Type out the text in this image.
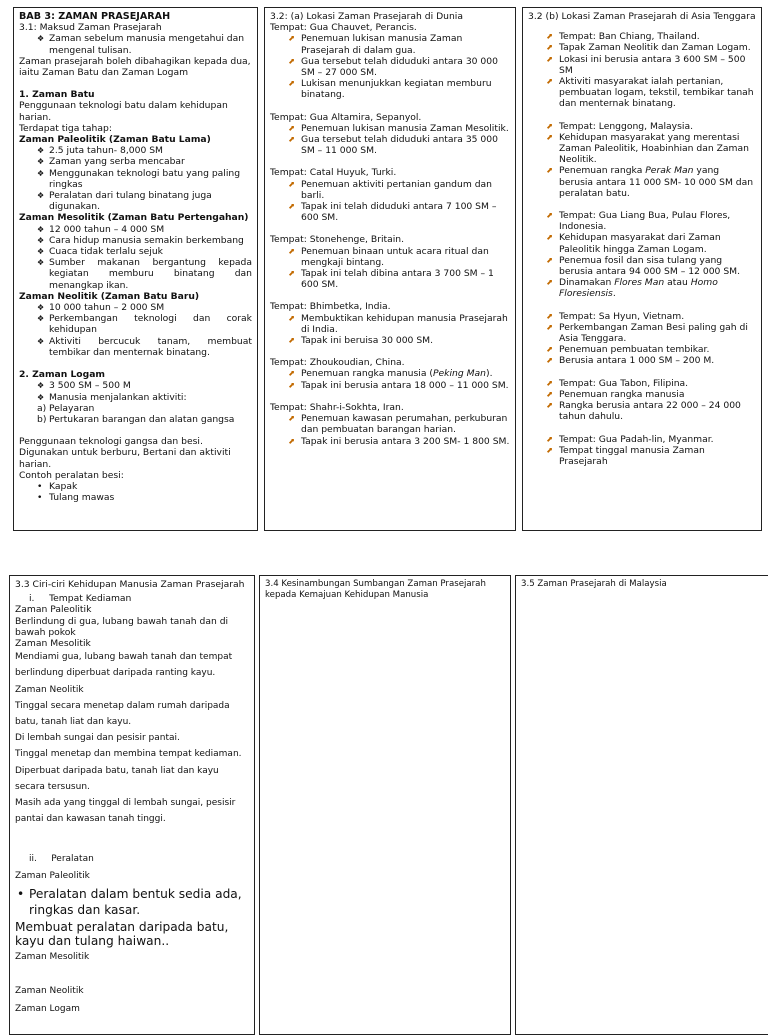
BAB 3: ZAMAN PRASEJARAH
3.1: Maksud Zaman Prasejarah
❖ Zaman sebelum manusia mengetahui dan mengenal tulisan.
Zaman prasejarah boleh dibahagikan kepada dua, iaitu Zaman Batu dan Zaman Logam
1. Zaman Batu
Penggunaan teknologi batu dalam kehidupan harian.
Terdapat tiga tahap:
Zaman Paleolitik (Zaman Batu Lama)
❖ 2.5 juta tahun- 8,000 SM
❖ Zaman yang serba mencabar
❖ Menggunakan teknologi batu yang paling ringkas
❖ Peralatan dari tulang binatang juga digunakan.
Zaman Mesolitik (Zaman Batu Pertengahan)
❖ 12 000 tahun – 4 000 SM
❖ Cara hidup manusia semakin berkembang
❖ Cuaca tidak terlalu sejuk
❖ Sumber makanan bergantung kepada kegiatan memburu binatang dan menangkap ikan.
Zaman Neolitik (Zaman Batu Baru)
❖ 10 000 tahun – 2 000 SM
❖ Perkembangan teknologi dan corak kehidupan
❖ Aktiviti bercucuk tanam, membuat tembikar dan menternak binatang.
2. Zaman Logam
❖ 3 500 SM – 500 M
❖ Manusia menjalankan aktiviti:
a) Pelayaran
b) Pertukaran barangan dan alatan gangsa
Penggunaan teknologi gangsa dan besi.
Digunakan untuk berburu, Bertani dan aktiviti harian.
Contoh peralatan besi:
• Kapak
• Tulang mawas
3.2: (a) Lokasi Zaman Prasejarah di Dunia
Tempat: Gua Chauvet, Perancis.
⬆ Penemuan lukisan manusia Zaman Prasejarah di dalam gua.
⬆ Gua tersebut telah diduduki antara 30 000 SM – 27 000 SM.
⬆ Lukisan menunjukkan kegiatan memburu binatang.
Tempat: Gua Altamira, Sepanyol.
⬆ Penemuan lukisan manusia Zaman Mesolitik.
⬆ Gua tersebut telah diduduki antara 35 000 SM – 11 000 SM.
Tempat: Catal Huyuk, Turki.
⬆ Penemuan aktiviti pertanian gandum dan barli.
⬆ Tapak ini telah diduduki antara 7 100 SM – 600 SM.
Tempat: Stonehenge, Britain.
⬆ Penemuan binaan untuk acara ritual dan mengkaji bintang.
⬆ Tapak ini telah dibina antara 3 700 SM – 1 600 SM.
Tempat: Bhimbetka, India.
⬆ Membuktikan kehidupan manusia Prasejarah di India.
⬆ Tapak ini beruisa 30 000 SM.
Tempat: Zhoukoudian, China.
⬆ Penemuan rangka manusia (Peking Man).
⬆ Tapak ini berusia antara 18 000 – 11 000 SM.
Tempat: Shahr-i-Sokhta, Iran.
⬆ Penemuan kawasan perumahan, perkuburan dan pembuatan barangan harian.
⬆ Tapak ini berusia antara 3 200 SM- 1 800 SM.
3.2 (b) Lokasi Zaman Prasejarah di Asia Tenggara
⬆ Tempat: Ban Chiang, Thailand.
⬆ Tapak Zaman Neolitik dan Zaman Logam.
⬆ Lokasi ini berusia antara 3 600 SM – 500 SM
⬆ Aktiviti masyarakat ialah pertanian, pembuatan logam, tekstil, tembikar tanah dan menternak binatang.
⬆ Tempat: Lenggong, Malaysia.
⬆ Kehidupan masyarakat yang merentasi Zaman Paleolitik, Hoabinhian dan Zaman Neolitik.
⬆ Penemuan rangka Perak Man yang berusia antara 11 000 SM- 10 000 SM dan peralatan batu.
⬆ Tempat: Gua Liang Bua, Pulau Flores, Indonesia.
⬆ Kehidupan masyarakat dari Zaman Paleolitik hingga Zaman Logam.
⬆ Penemua fosil dan sisa tulang yang berusia antara 94 000 SM – 12 000 SM.
⬆ Dinamakan Flores Man atau Homo Floresiensis.
⬆ Tempat: Sa Hyun, Vietnam.
⬆ Perkembangan Zaman Besi paling gah di Asia Tenggara.
⬆ Penemuan pembuatan tembikar.
⬆ Berusia antara 1 000 SM – 200 M.
⬆ Tempat: Gua Tabon, Filipina.
⬆ Penemuan rangka manusia
⬆ Rangka berusia antara 22 000 – 24 000 tahun dahulu.
⬆ Tempat: Gua Padah-lin, Myanmar.
⬆ Tempat tinggal manusia Zaman Prasejarah
3.3 Ciri-ciri Kehidupan Manusia Zaman Prasejarah
i. Tempat Kediaman
Zaman Paleolitik
Berlindung di gua, lubang bawah tanah dan di bawah pokok
Zaman Mesolitik
Mendiami gua, lubang bawah tanah dan tempat
berlindung diperbuat daripada ranting kayu.
Zaman Neolitik
Tinggal secara menetap dalam rumah daripada
batu, tanah liat dan kayu.
Di lembah sungai dan pesisir pantai.
Tinggal menetap dan membina tempat kediaman.
Diperbuat daripada batu, tanah liat dan kayu
secara tersusun.
Masih ada yang tinggal di lembah sungai, pesisir
pantai dan kawasan tanah tinggi.
ii. Peralatan
Zaman Paleolitik
• Peralatan dalam bentuk sedia ada,
ringkas dan kasar.
Membuat peralatan daripada batu, kayu dan tulang haiwan..
Zaman Mesolitik
Zaman Neolitik
Zaman Logam
3.4 Kesinambungan Sumbangan Zaman Prasejarah kepada Kemajuan Kehidupan Manusia
3.5 Zaman Prasejarah di Malaysia
